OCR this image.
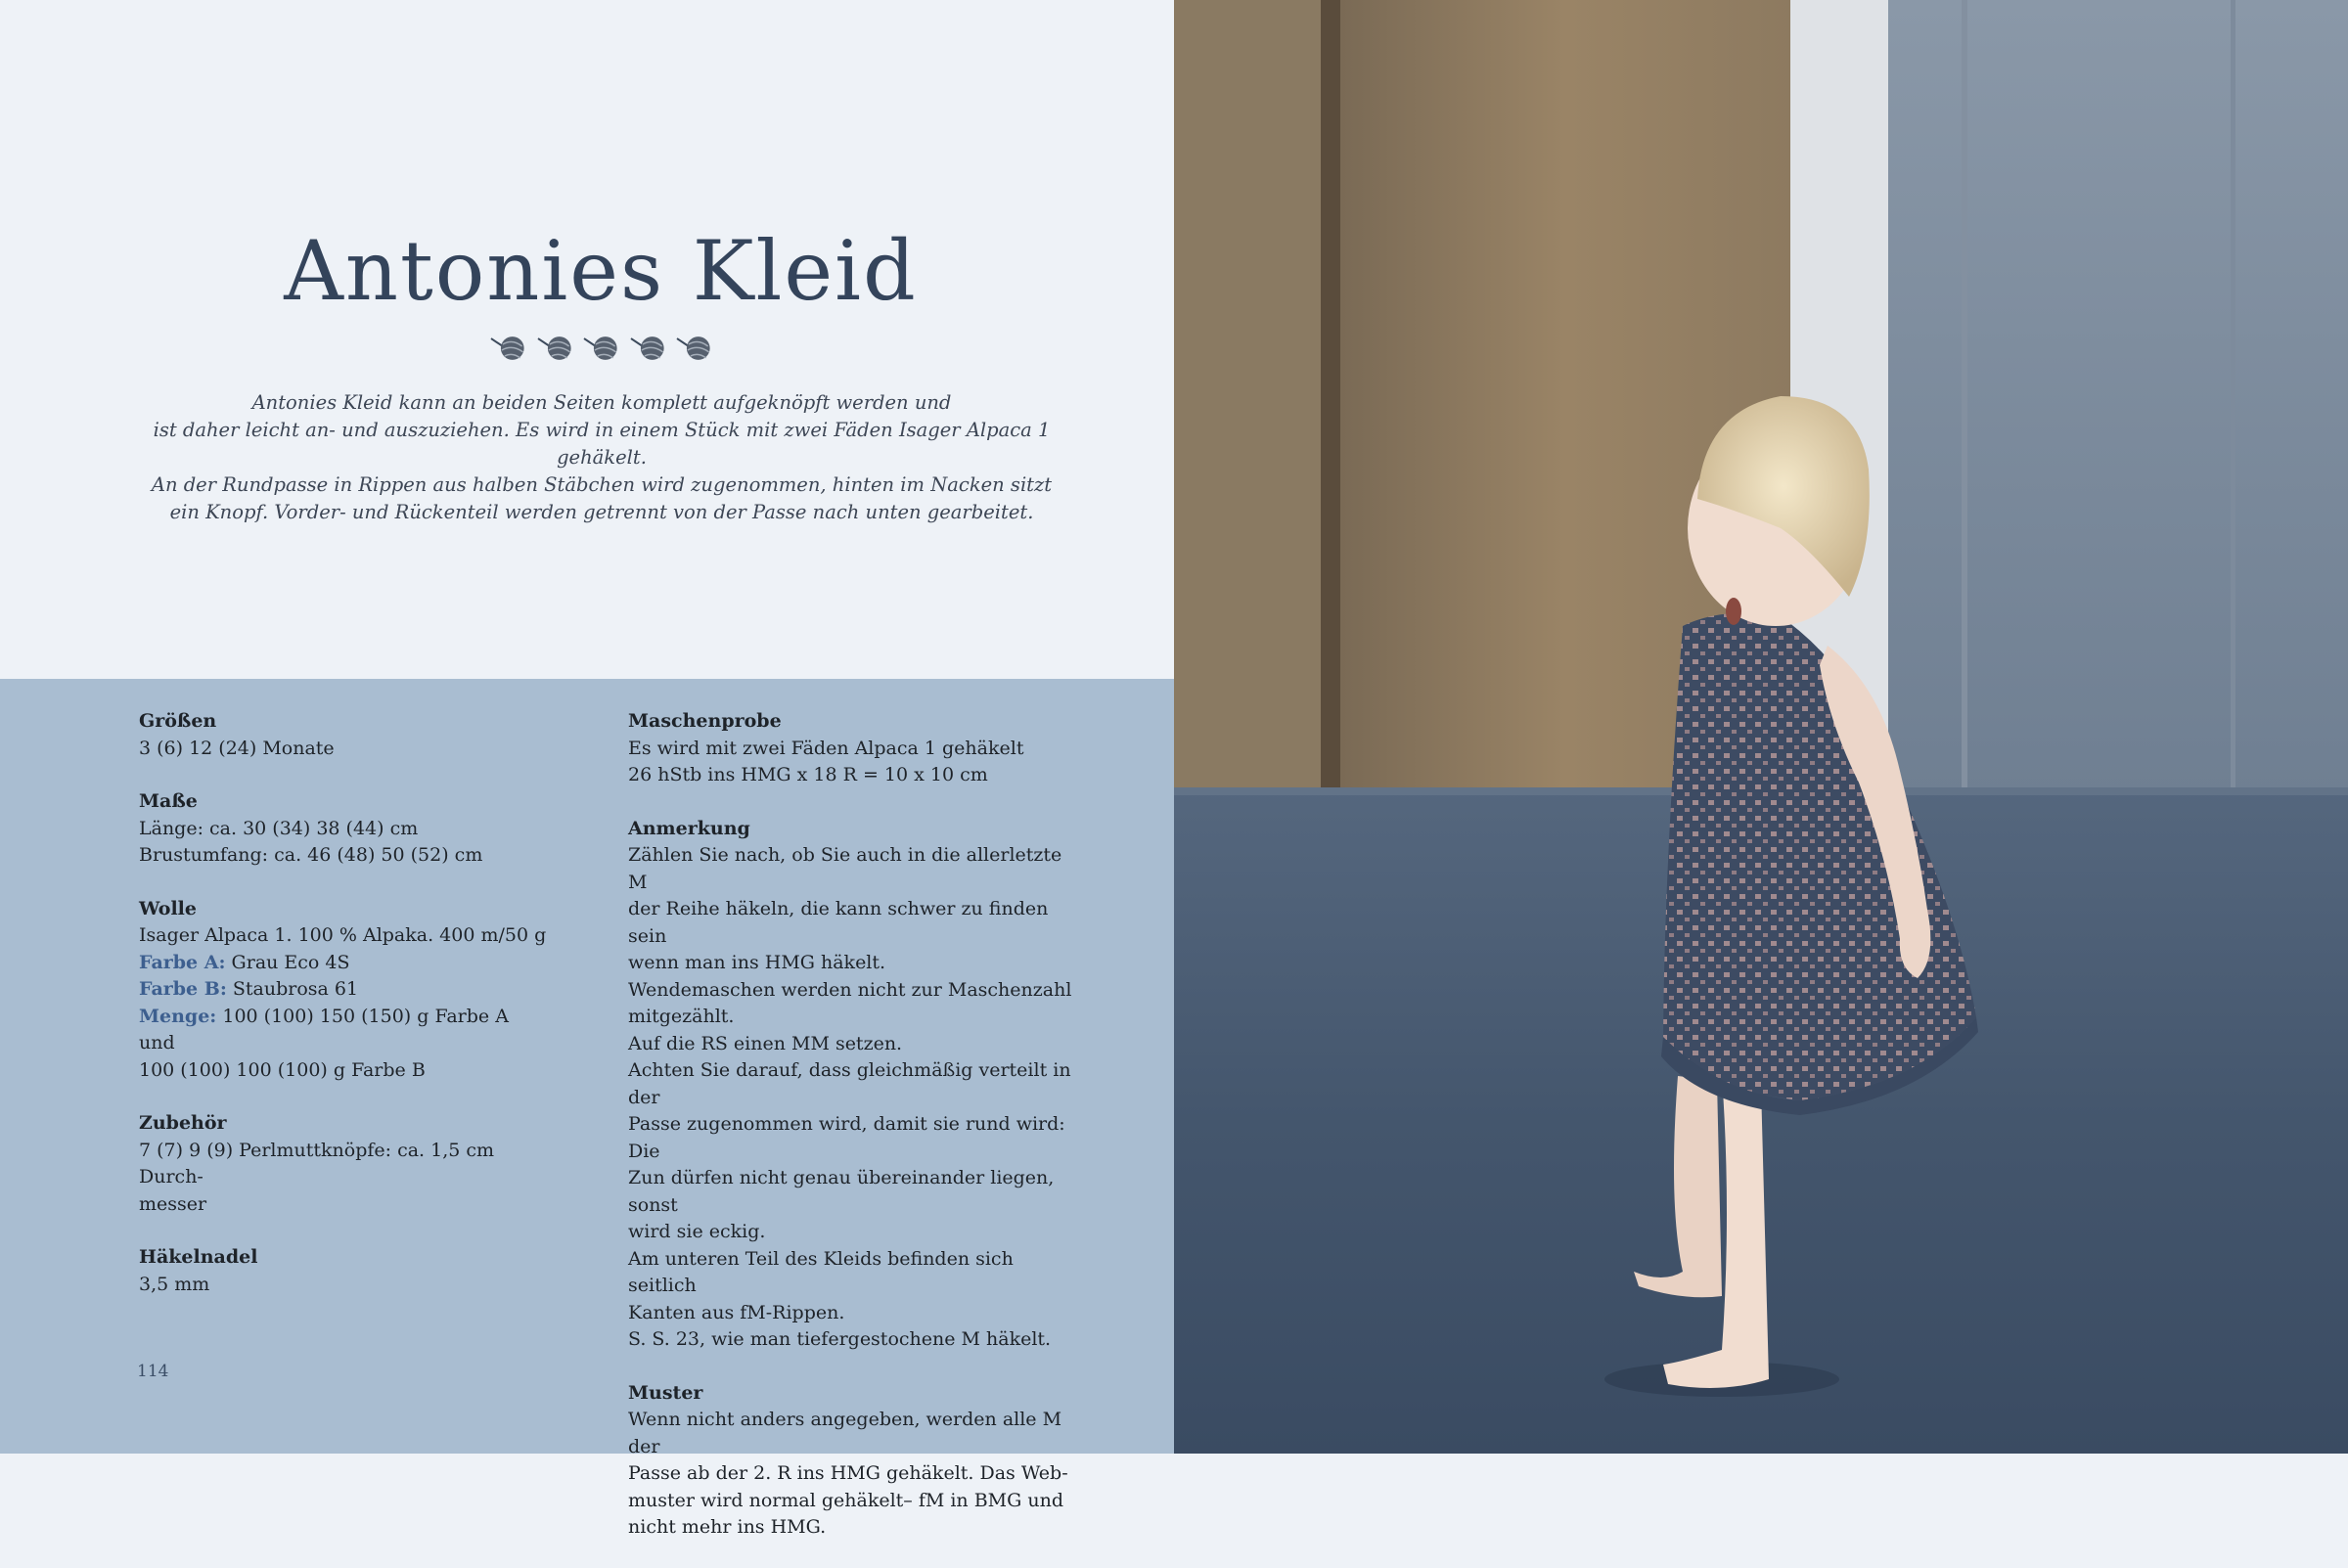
Antonies Kleid

Antonies Kleid kann an beiden Seiten komplett aufgeknöpft werden und

ist daher leicht an- und auszuziehen. Es wird in einem Stück mit zwei Fäden Isager Alpaca 1 gehäkelt.

An der Rundpasse in Rippen aus halben Stäbchen wird zugenommen, hinten im Nacken sitzt

ein Knopf. Vorder- und Rückenteil werden getrennt von der Passe nach unten gearbeitet.

Größen

3 (6) 12 (24) Monate

Maße

Länge: ca. 30 (34) 38 (44) cm

Brustumfang: ca. 46 (48) 50 (52) cm

Wolle

Isager Alpaca 1. 100 % Alpaka. 400 m/50 g

Farbe A: Grau Eco 4S

Farbe B: Staubrosa 61

Menge: 100 (100) 150 (150) g Farbe A und

100 (100) 100 (100) g Farbe B

Zubehör

7 (7) 9 (9) Perlmuttknöpfe: ca. 1,5 cm Durch-

messer

Häkelnadel

3,5 mm

Maschenprobe

Es wird mit zwei Fäden Alpaca 1 gehäkelt

26 hStb ins HMG x 18 R = 10 x 10 cm

Anmerkung

Zählen Sie nach, ob Sie auch in die allerletzte M

der Reihe häkeln, die kann schwer zu finden sein

wenn man ins HMG häkelt.

Wendemaschen werden nicht zur Maschenzahl

mitgezählt.

Auf die RS einen MM setzen.

Achten Sie darauf, dass gleichmäßig verteilt in der

Passe zugenommen wird, damit sie rund wird: Die

Zun dürfen nicht genau übereinander liegen, sonst

wird sie eckig.

Am unteren Teil des Kleids befinden sich seitlich

Kanten aus fM-Rippen.

S. S. 23, wie man tiefergestochene M häkelt.

Muster

Wenn nicht anders angegeben, werden alle M der

Passe ab der 2. R ins HMG gehäkelt. Das Web-

muster wird normal gehäkelt– fM in BMG und

nicht mehr ins HMG.

114
